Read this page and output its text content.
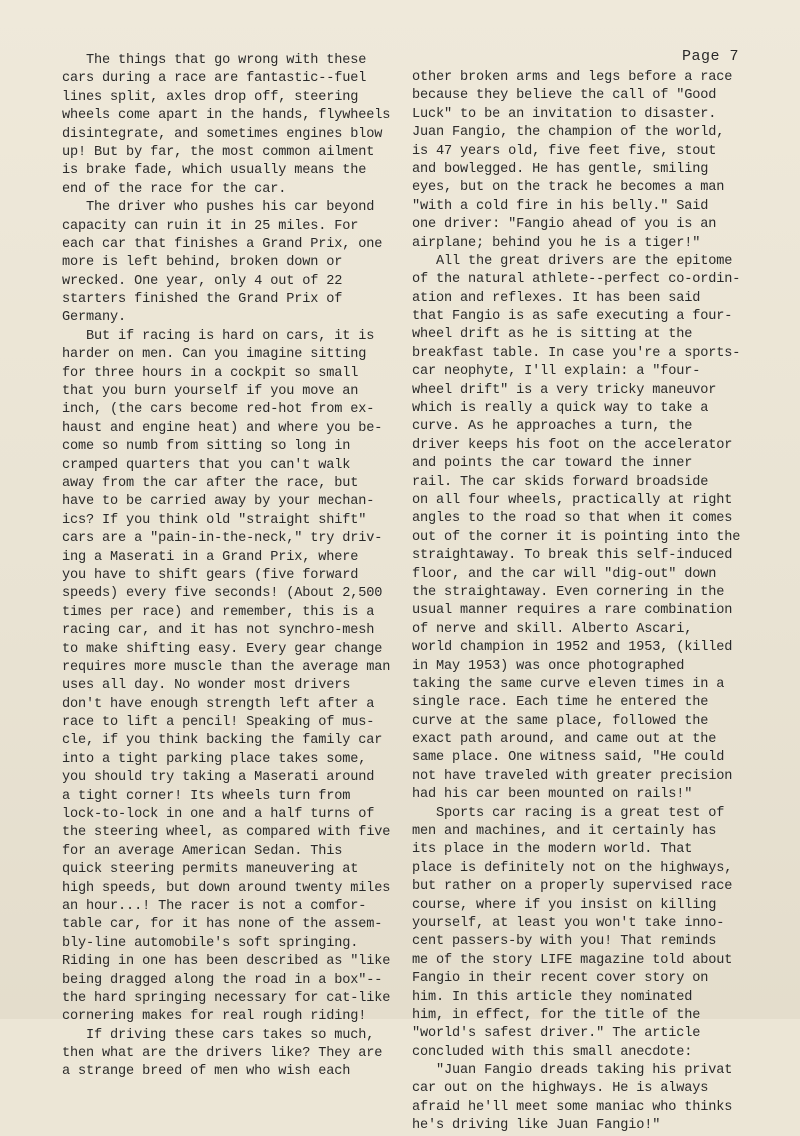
Page 7
The things that go wrong with these
cars during a race are fantastic--fuel
lines split, axles drop off, steering
wheels come apart in the hands, flywheels
disintegrate, and sometimes engines blow
up! But by far, the most common ailment
is brake fade, which usually means the
end of the race for the car.
The driver who pushes his car beyond
capacity can ruin it in 25 miles. For
each car that finishes a Grand Prix, one
more is left behind, broken down or
wrecked. One year, only 4 out of 22
starters finished the Grand Prix of
Germany.
But if racing is hard on cars, it is
harder on men. Can you imagine sitting
for three hours in a cockpit so small
that you burn yourself if you move an
inch, (the cars become red-hot from ex-
haust and engine heat) and where you be-
come so numb from sitting so long in
cramped quarters that you can't walk
away from the car after the race, but
have to be carried away by your mechan-
ics? If you think old "straight shift"
cars are a "pain-in-the-neck," try driv-
ing a Maserati in a Grand Prix, where
you have to shift gears (five forward
speeds) every five seconds! (About 2,500
times per race) and remember, this is a
racing car, and it has not synchro-mesh
to make shifting easy. Every gear change
requires more muscle than the average man
uses all day. No wonder most drivers
don't have enough strength left after a
race to lift a pencil! Speaking of mus-
cle, if you think backing the family car
into a tight parking place takes some,
you should try taking a Maserati around
a tight corner! Its wheels turn from
lock-to-lock in one and a half turns of
the steering wheel, as compared with five
for an average American Sedan. This
quick steering permits maneuvering at
high speeds, but down around twenty miles
an hour...! The racer is not a comfor-
table car, for it has none of the assem-
bly-line automobile's soft springing.
Riding in one has been described as "like
being dragged along the road in a box"--
the hard springing necessary for cat-like
cornering makes for real rough riding!
If driving these cars takes so much,
then what are the drivers like? They are
a strange breed of men who wish each
other broken arms and legs before a race
because they believe the call of "Good
Luck" to be an invitation to disaster.
Juan Fangio, the champion of the world,
is 47 years old, five feet five, stout
and bowlegged. He has gentle, smiling
eyes, but on the track he becomes a man
"with a cold fire in his belly." Said
one driver: "Fangio ahead of you is an
airplane; behind you he is a tiger!"
All the great drivers are the epitome
of the natural athlete--perfect co-ordin-
ation and reflexes. It has been said
that Fangio is as safe executing a four-
wheel drift as he is sitting at the
breakfast table. In case you're a sports-
car neophyte, I'll explain: a "four-
wheel drift" is a very tricky maneuvor
which is really a quick way to take a
curve. As he approaches a turn, the
driver keeps his foot on the accelerator
and points the car toward the inner
rail. The car skids forward broadside
on all four wheels, practically at right
angles to the road so that when it comes
out of the corner it is pointing into the
straightaway. To break this self-induced
floor, and the car will "dig-out" down
the straightaway. Even cornering in the
usual manner requires a rare combination
of nerve and skill. Alberto Ascari,
world champion in 1952 and 1953, (killed
in May 1953) was once photographed
taking the same curve eleven times in a
single race. Each time he entered the
curve at the same place, followed the
exact path around, and came out at the
same place. One witness said, "He could
not have traveled with greater precision
had his car been mounted on rails!"
Sports car racing is a great test of
men and machines, and it certainly has
its place in the modern world. That
place is definitely not on the highways,
but rather on a properly supervised race
course, where if you insist on killing
yourself, at least you won't take inno-
cent passers-by with you! That reminds
me of the story LIFE magazine told about
Fangio in their recent cover story on
him. In this article they nominated
him, in effect, for the title of the
"world's safest driver." The article
concluded with this small anecdote:
"Juan Fangio dreads taking his privat
car out on the highways. He is always
afraid he'll meet some maniac who thinks
he's driving like Juan Fangio!"
